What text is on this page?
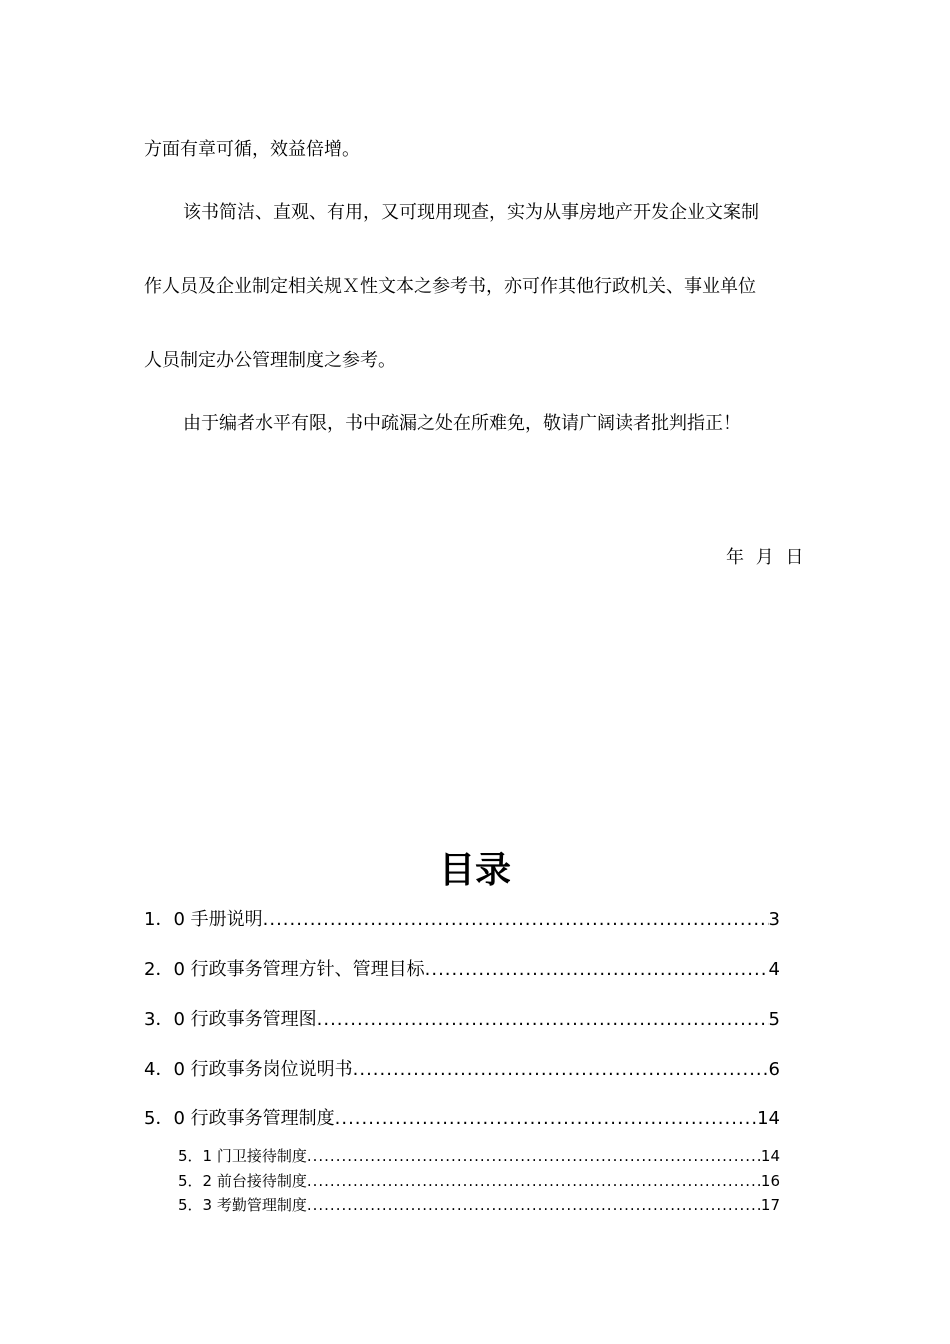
方面有章可循，效益倍增。
该书简洁、直观、有用，又可现用现查，实为从事房地产开发企业文案制
作人员及企业制定相关规Ｘ性文本之参考书，亦可作其他行政机关、事业单位
人员制定办公管理制度之参考。
由于编者水平有限，书中疏漏之处在所难免，敬请广阔读者批判指正！
年 月 日
目录
1．0 手册说明 .....	3
2．0 行政事务管理方针、管理目标 .....	4
3．0 行政事务管理图 .....	5
4．0 行政事务岗位说明书 .....	6
5．0 行政事务管理制度 .....	14
5．1 门卫接待制度 .....	14
5．2 前台接待制度 .....	16
5．3 考勤管理制度 .....	17
